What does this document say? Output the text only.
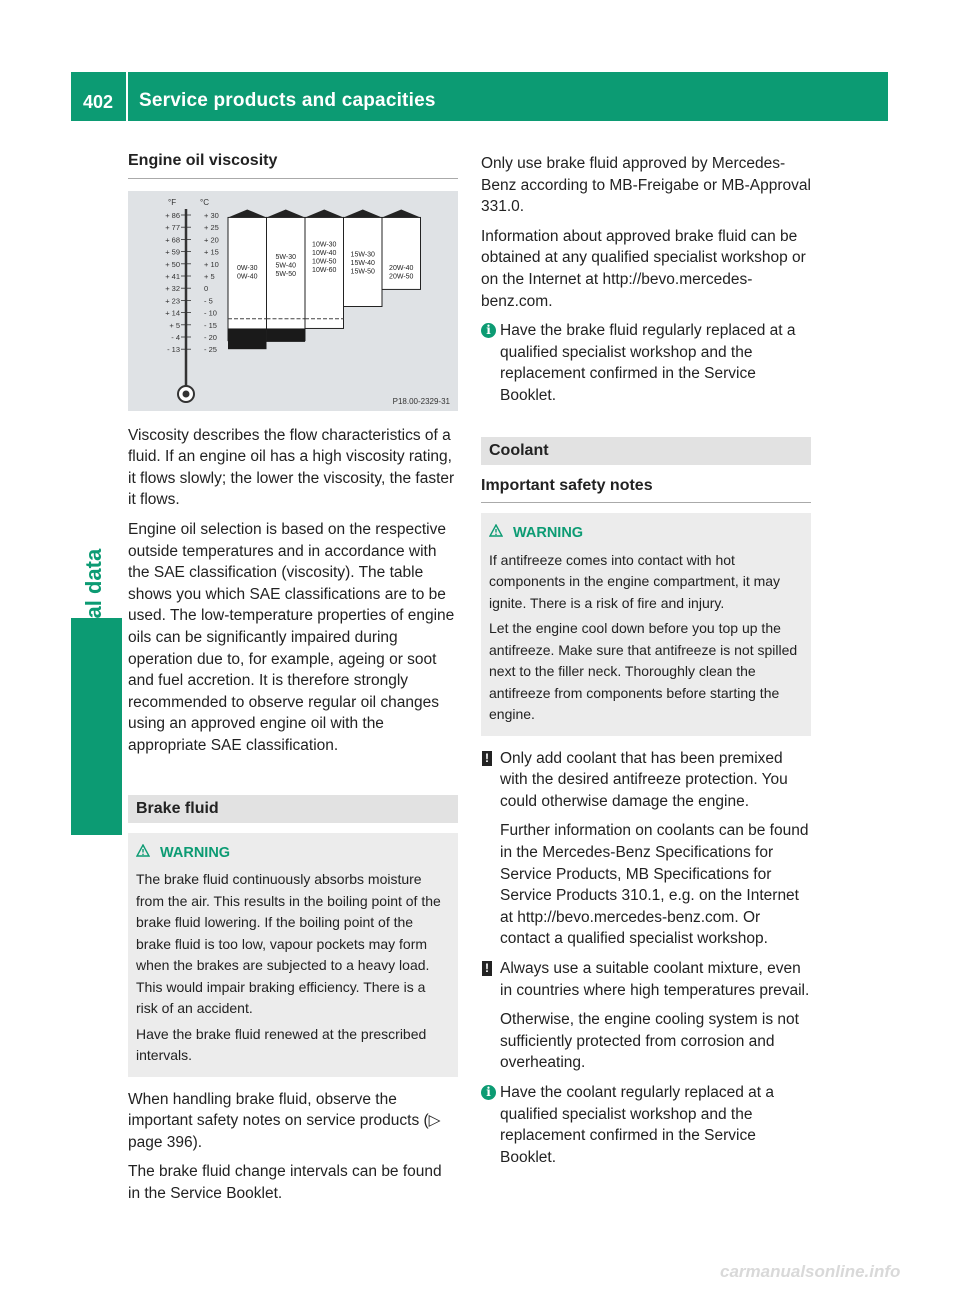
402	Service products and capacities
Engine oil viscosity
°F	°C
+ 86	+ 30
+ 77	+ 25
+ 68	+ 20
+ 59	+ 15
+ 50	+ 10
+ 41	+ 5
+ 32	0
+ 23	- 5
+ 14	- 10
+ 5	- 15
- 4	- 20
- 13	- 25
0W-30
0W-40
5W-30
5W-40
5W-50
10W-30
10W-40
10W-50
10W-60
15W-30
15W-40
15W-50
20W-40
20W-50
P18.00-2329-31

Viscosity describes the flow characteristics of a fluid. If an engine oil has a high viscosity rating, it flows slowly; the lower the viscosity, the faster it flows.

Engine oil selection is based on the respective outside temperatures and in accordance with the SAE classification (viscosity). The table shows you which SAE classifications are to be used. The low-temperature properties of engine oils can be significantly impaired during operation due to, for example, ageing or soot and fuel accretion. It is therefore strongly recommended to observe regular oil changes using an approved engine oil with the appropriate SAE classification.

Brake fluid
WARNING

The brake fluid continuously absorbs moisture from the air. This results in the boiling point of the brake fluid lowering. If the boiling point of the brake fluid is too low, vapour pockets may form when the brakes are subjected to a heavy load. This would impair braking efficiency. There is a risk of an accident.

Have the brake fluid renewed at the prescribed intervals.

When handling brake fluid, observe the important safety notes on service products (▷ page 396).

The brake fluid change intervals can be found in the Service Booklet.

Only use brake fluid approved by Mercedes-Benz according to MB-Freigabe or MB-Approval 331.0.

Information about approved brake fluid can be obtained at any qualified specialist workshop or on the Internet at http://bevo.mercedes-benz.com.

i Have the brake fluid regularly replaced at a qualified specialist workshop and the replacement confirmed in the Service Booklet.

Coolant
Important safety notes
WARNING

If antifreeze comes into contact with hot components in the engine compartment, it may ignite. There is a risk of fire and injury.

Let the engine cool down before you top up the antifreeze. Make sure that antifreeze is not spilled next to the filler neck. Thoroughly clean the antifreeze from components before starting the engine.

! Only add coolant that has been premixed with the desired antifreeze protection. You could otherwise damage the engine.

Further information on coolants can be found in the Mercedes-Benz Specifications for Service Products, MB Specifications for Service Products 310.1, e.g. on the Internet at http://bevo.mercedes-benz.com. Or contact a qualified specialist workshop.

! Always use a suitable coolant mixture, even in countries where high temperatures prevail.

Otherwise, the engine cooling system is not sufficiently protected from corrosion and overheating.

i Have the coolant regularly replaced at a qualified specialist workshop and the replacement confirmed in the Service Booklet.

carmanualsonline.info
